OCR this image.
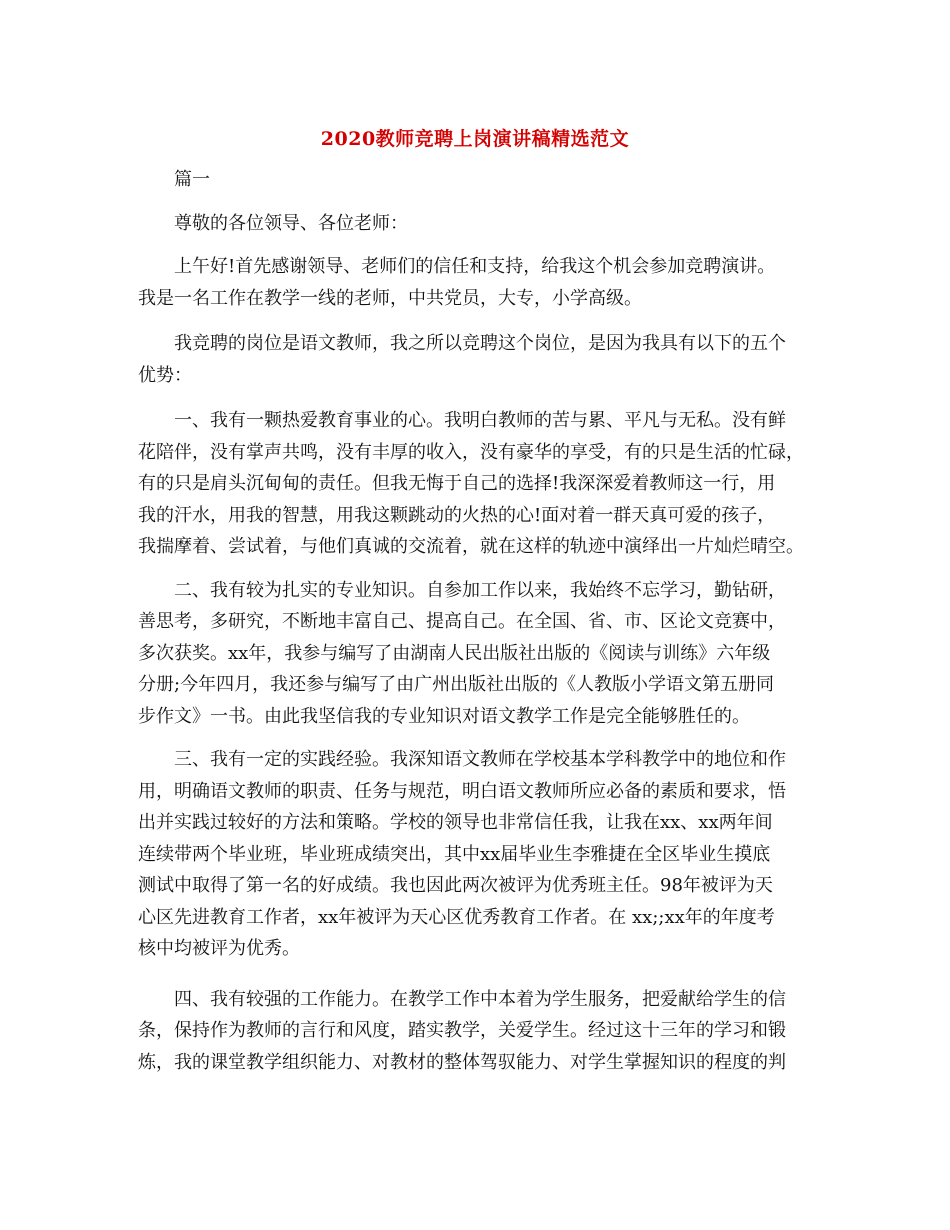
2020教师竞聘上岗演讲稿精选范文
篇一
尊敬的各位领导、各位老师：
上午好!首先感谢领导、老师们的信任和支持，给我这个机会参加竞聘演讲。
我是一名工作在教学一线的老师，中共党员，大专，小学高级。
我竞聘的岗位是语文教师，我之所以竞聘这个岗位，是因为我具有以下的五个
优势：
一、我有一颗热爱教育事业的心。我明白教师的苦与累、平凡与无私。没有鲜
花陪伴，没有掌声共鸣，没有丰厚的收入，没有豪华的享受，有的只是生活的忙碌，
有的只是肩头沉甸甸的责任。但我无悔于自己的选择!我深深爱着教师这一行，用
我的汗水，用我的智慧，用我这颗跳动的火热的心!面对着一群天真可爱的孩子，
我揣摩着、尝试着，与他们真诚的交流着，就在这样的轨迹中演绎出一片灿烂晴空。
二、我有较为扎实的专业知识。自参加工作以来，我始终不忘学习，勤钻研，
善思考，多研究，不断地丰富自己、提高自己。在全国、省、市、区论文竞赛中，
多次获奖。xx年，我参与编写了由湖南人民出版社出版的《阅读与训练》六年级
分册;今年四月，我还参与编写了由广州出版社出版的《人教版小学语文第五册同
步作文》一书。由此我坚信我的专业知识对语文教学工作是完全能够胜任的。
三、我有一定的实践经验。我深知语文教师在学校基本学科教学中的地位和作
用，明确语文教师的职责、任务与规范，明白语文教师所应必备的素质和要求，悟
出并实践过较好的方法和策略。学校的领导也非常信任我，让我在xx、xx两年间
连续带两个毕业班，毕业班成绩突出，其中xx届毕业生李雅捷在全区毕业生摸底
测试中取得了第一名的好成绩。我也因此两次被评为优秀班主任。98年被评为天
心区先进教育工作者，xx年被评为天心区优秀教育工作者。在 xx;;xx年的年度考
核中均被评为优秀。
四、我有较强的工作能力。在教学工作中本着为学生服务，把爱献给学生的信
条，保持作为教师的言行和风度，踏实教学，关爱学生。经过这十三年的学习和锻
炼，我的课堂教学组织能力、对教材的整体驾驭能力、对学生掌握知识的程度的判
